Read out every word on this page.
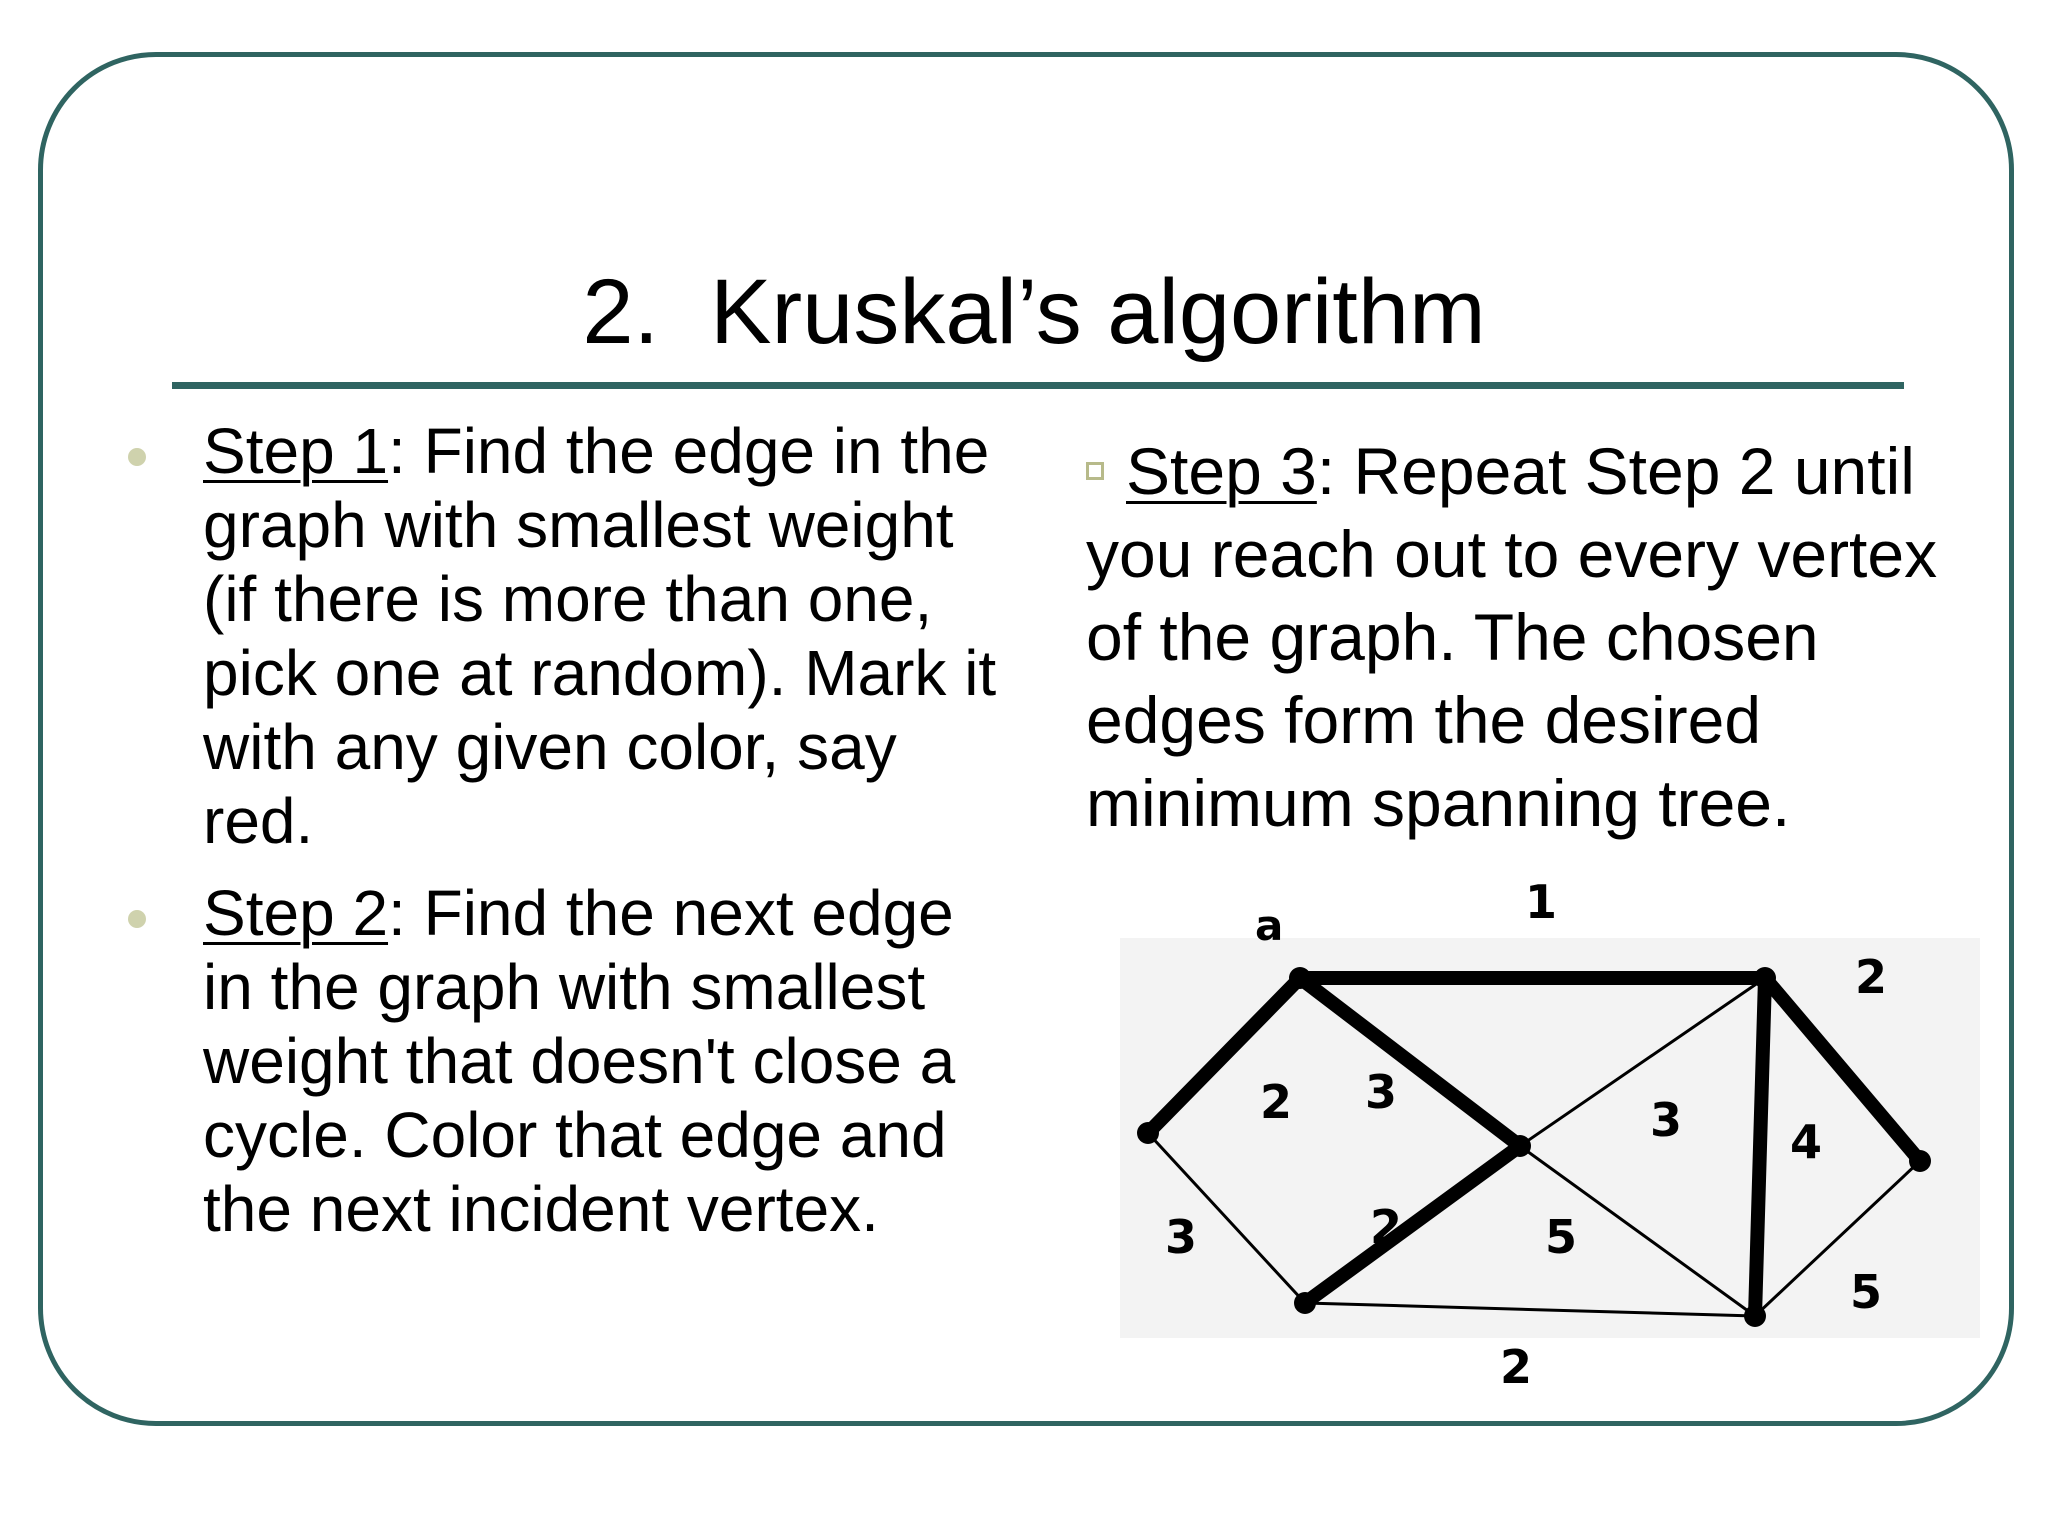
2.  Kruskal’s algorithm
Step 1: Find the edge in the graph with smallest weight (if there is more than one, pick one at random). Mark it with any given color, say red.
Step 2: Find the next edge in the graph with smallest weight that doesn't close a cycle. Color that edge and the next incident vertex.
Step 3: Repeat Step 2 until you reach out to every vertex of the graph. The chosen edges form the desired minimum spanning tree.
1
2
2 3
3 4
3	2	5
5
2
a
